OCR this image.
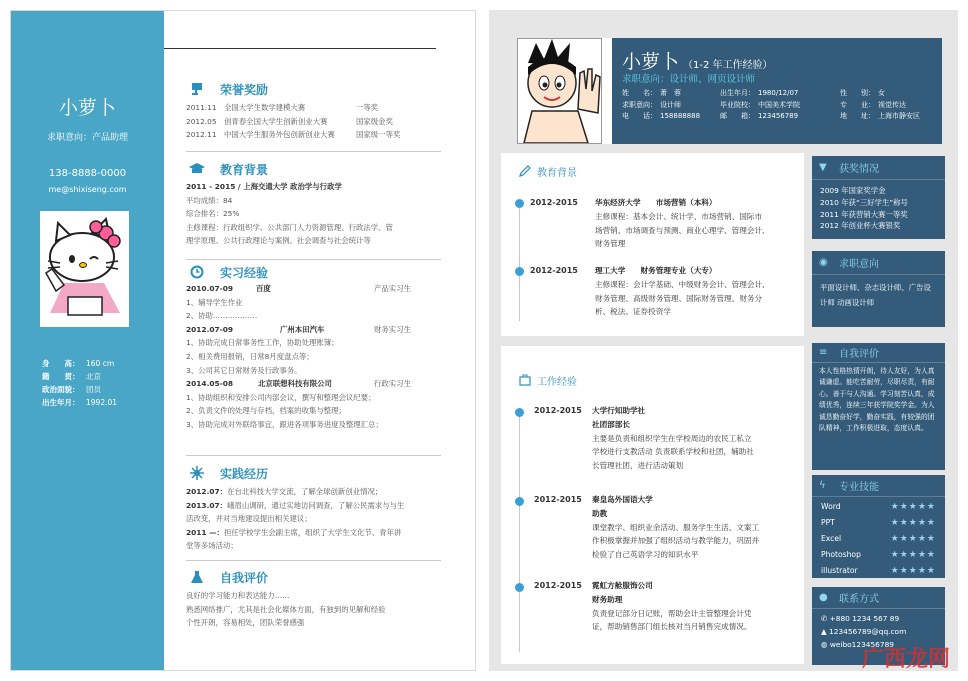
小萝卜
求职意向：产品助理
138-8888-0000
me@shixiseng.com
身　　高： 160 cm
籍　　贯： 北京
政治面貌： 团员
出生年月： 1992.01
荣誉奖励
2011.11 全国大学生数学建模大赛	一等奖
2012.05 创青春全国大学生创新创业大赛	国家级金奖
2012.11 中国大学生服务外包创新创业大赛	国家级一等奖
教育背景
2011 - 2015 / 上海交通大学 政治学与行政学
平均成绩：84
综合排名：25%
主修课程：行政组织学、公共部门人力资源管理、行政法学、管
理学原理、公共行政理论与案例、社会调查与社会统计等
实习经验
2010.07-09	百度	产品实习生
1、辅导学生作业
2、协助………………
2012.07-09	广州本田汽车	财务实习生
1、协助完成日常事务性工作，协助处理账簿；
2、相关费用报销，日常8月度盘点等；
3、公司其它日常财务及行政事务。
2014.05-08	北京联想科技有限公司	行政实习生
1、协助组织和安排公司内部会议，撰写和整理会议纪要；
2、负责文件的处理与存档，档案的收集与整理；
3、协助完成对外联络事宜，跟进各项事务进度及整理汇总；
实践经历
2012.07：在台北科技大学交流，了解全球创新创业情况；
2013.07：峨眉山调研，通过实地访问调查，了解公民需求与与生
活改变，并对当地建设提出相关建议；
2011 —：担任学校学生会副主席，组织了大学生文化节、青年讲
堂等多场活动；
自我评价
良好的学习能力和表达能力……
熟悉网络推广，尤其是社会化媒体方面，有独到的见解和经验
个性开朗，容易相处，团队荣誉感强
小萝卜 （1-2 年工作经验）
求职意向：设计师、网页设计师
姓　　名： 萧　蓉	出生年月： 1980/12/07	性　　别： 女
求职意向： 设计师	毕业院校： 中国美术学院	专　　业： 视觉传达
电　　话： 158888888	邮　　箱： 123456789	地　　址： 上海市静安区
教育背景
2012-2015 华东经济大学　　市场营销（本科）
主修课程：基本会计、统计学、市场营销、国际市
场营销、市场调查与预测、商业心理学、管理会计、
财务管理
2012-2015 理工大学　　财务管理专业（大专）
主修课程：会计学基础、中级财务会计、管理会计、
财务管理、高级财务管理、国际财务管理、财务分
析、税法、证券投资学
工作经验
2012-2015 大学行知助学社
社团部部长
主要是负责和组织学生在学校周边的农民工私立
学校进行支教活动 负责联系学校和社团，辅助社
长管理社团，进行活动策划
2012-2015 秦皇岛外国语大学
助教
课堂教学、组织业余活动、服务学生生活、文案工
作积极掌握并加强了组织活动与教学能力，巩固并
检验了自己英语学习的知识水平
2012-2015 霓虹方舱服饰公司
财务助理
负责登记部分日记账，帮助会计主管整理会计凭
证，帮助销售部门组长核对当月销售完成情况。
▼	获奖情况
2009 年国家奖学金
2010 年获“三好学生”称号
2011 年获营销大赛一等奖
2012 年创业杯大赛银奖
◉	求职意向
平面设计师、杂志设计师、广告设计师 动画设计师
≡	自我评价
本人性格热情开朗，待人友好，为人真诚谦虚。能吃苦耐劳，尽职尽责，有耐心。善于与人沟通。学习刻苦认真，成绩优秀，连续三年获学院奖学金。为人诚恳勤奋好学，勤奋实践，有较强的团队精神，工作积极进取，态度认真。
ϟ	专业技能
Word	★★★★★
PPT	★★★★★
Excel	★★★★★
Photoshop	★★★★★
illustrator	★★★★★
●	联系方式
✆ +880 1234 567 89
▲ 123456789@qq.com
◍ weibo123456789
广西龙网
